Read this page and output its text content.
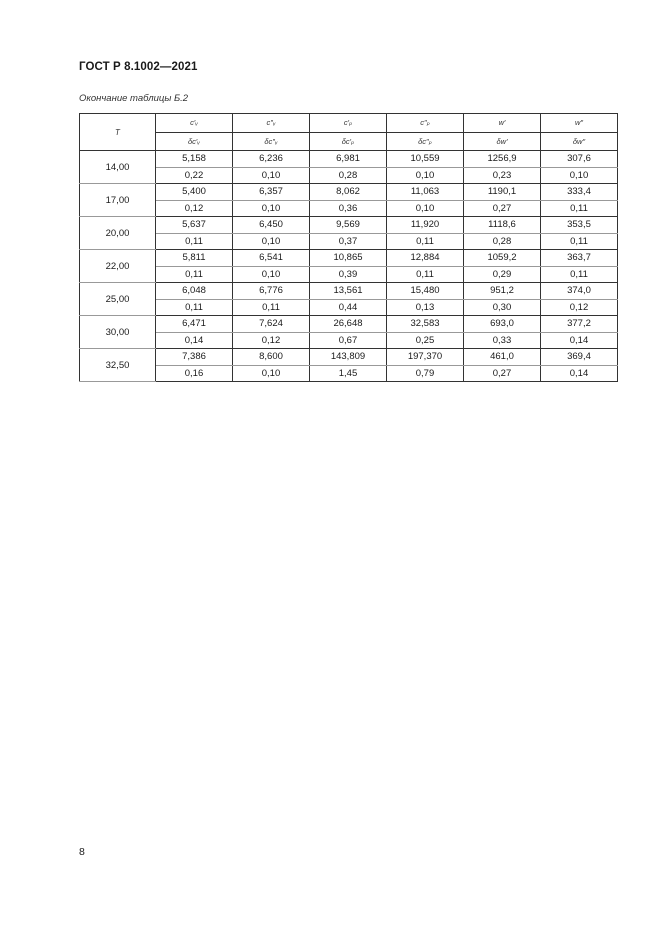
ГОСТ Р 8.1002—2021
Окончание таблицы Б.2
T	c′ᵥ	c″ᵥ	c′ₚ	c″ₚ	w′	w″
	δc′ᵥ	δc″ᵥ	δc′ₚ	δc″ₚ	δw′	δw″
14,00	5,158	6,236	6,981	10,559	1256,9	307,6
	0,22	0,10	0,28	0,10	0,23	0,10
17,00	5,400	6,357	8,062	11,063	1190,1	333,4
	0,12	0,10	0,36	0,10	0,27	0,11
20,00	5,637	6,450	9,569	11,920	1118,6	353,5
	0,11	0,10	0,37	0,11	0,28	0,11
22,00	5,811	6,541	10,865	12,884	1059,2	363,7
	0,11	0,10	0,39	0,11	0,29	0,11
25,00	6,048	6,776	13,561	15,480	951,2	374,0
	0,11	0,11	0,44	0,13	0,30	0,12
30,00	6,471	7,624	26,648	32,583	693,0	377,2
	0,14	0,12	0,67	0,25	0,33	0,14
32,50	7,386	8,600	143,809	197,370	461,0	369,4
	0,16	0,10	1,45	0,79	0,27	0,14
8
